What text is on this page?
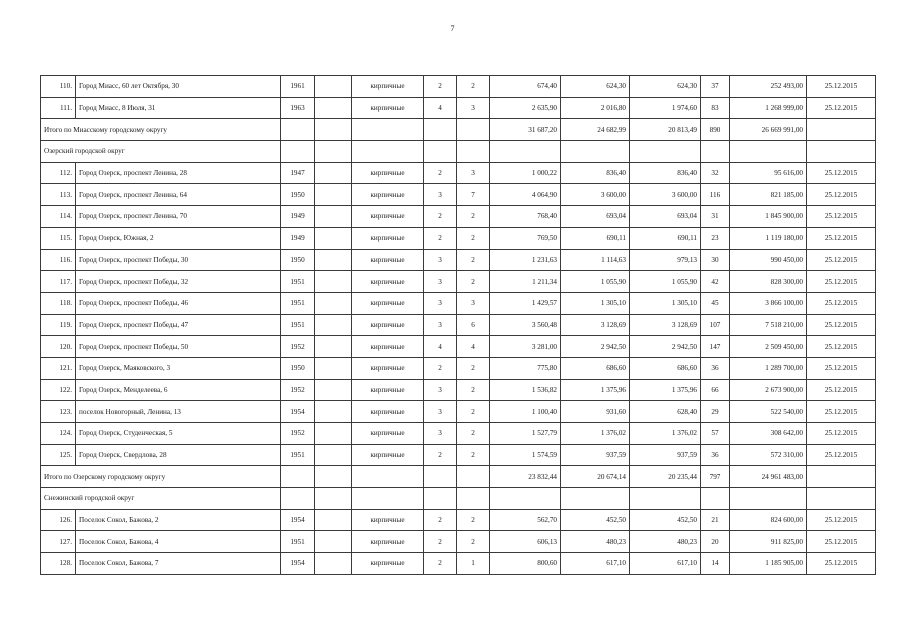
7
110.	Город Миасс, 60 лет Октября, 30	1961		кирпичные	2	2	674,40	624,30	624,30	37	252 493,00	25.12.2015
111.	Город Миасс, 8 Июля, 31	1963		кирпичные	4	3	2 635,90	2 016,80	1 974,60	83	1 268 999,00	25.12.2015
Итого по Миасскому городскому округу							31 687,20	24 682,99	20 813,49	890	26 669 991,00	
Озерский городской округ												
112.	Город Озерск, проспект Ленина, 28	1947		кирпичные	2	3	1 000,22	836,40	836,40	32	95 616,00	25.12.2015
113.	Город Озерск, проспект Ленина, 64	1950		кирпичные	3	7	4 064,90	3 600,00	3 600,00	116	821 185,00	25.12.2015
114.	Город Озерск, проспект Ленина, 70	1949		кирпичные	2	2	768,40	693,04	693,04	31	1 845 900,00	25.12.2015
115.	Город Озерск, Южная, 2	1949		кирпичные	2	2	769,50	690,11	690,11	23	1 119 180,00	25.12.2015
116.	Город Озерск, проспект Победы, 30	1950		кирпичные	3	2	1 231,63	1 114,63	979,13	30	990 450,00	25.12.2015
117.	Город Озерск, проспект Победы, 32	1951		кирпичные	3	2	1 211,34	1 055,90	1 055,90	42	828 300,00	25.12.2015
118.	Город Озерск, проспект Победы, 46	1951		кирпичные	3	3	1 429,57	1 305,10	1 305,10	45	3 866 100,00	25.12.2015
119.	Город Озерск, проспект Победы, 47	1951		кирпичные	3	6	3 560,48	3 128,69	3 128,69	107	7 518 210,00	25.12.2015
120.	Город Озерск, проспект Победы, 50	1952		кирпичные	4	4	3 281,00	2 942,50	2 942,50	147	2 509 450,00	25.12.2015
121.	Город Озерск, Маяковского, 3	1950		кирпичные	2	2	775,80	686,60	686,60	36	1 289 700,00	25.12.2015
122.	Город Озерск, Менделеева, 6	1952		кирпичные	3	2	1 536,82	1 375,96	1 375,96	66	2 673 900,00	25.12.2015
123.	поселок Новогорный, Ленина, 13	1954		кирпичные	3	2	1 100,40	931,60	628,40	29	522 540,00	25.12.2015
124.	Город Озерск, Студенческая, 5	1952		кирпичные	3	2	1 527,79	1 376,02	1 376,02	57	308 642,00	25.12.2015
125.	Город Озерск, Свердлова, 28	1951		кирпичные	2	2	1 574,59	937,59	937,59	36	572 310,00	25.12.2015
Итого по Озерскому городскому округу							23 832,44	20 674,14	20 235,44	797	24 961 483,00	
Снежинский городской округ												
126.	Поселок Сокол, Бажова, 2	1954		кирпичные	2	2	562,70	452,50	452,50	21	824 600,00	25.12.2015
127.	Поселок Сокол, Бажова, 4	1951		кирпичные	2	2	606,13	480,23	480,23	20	911 825,00	25.12.2015
128.	Поселок Сокол, Бажова, 7	1954		кирпичные	2	1	800,60	617,10	617,10	14	1 185 905,00	25.12.2015
